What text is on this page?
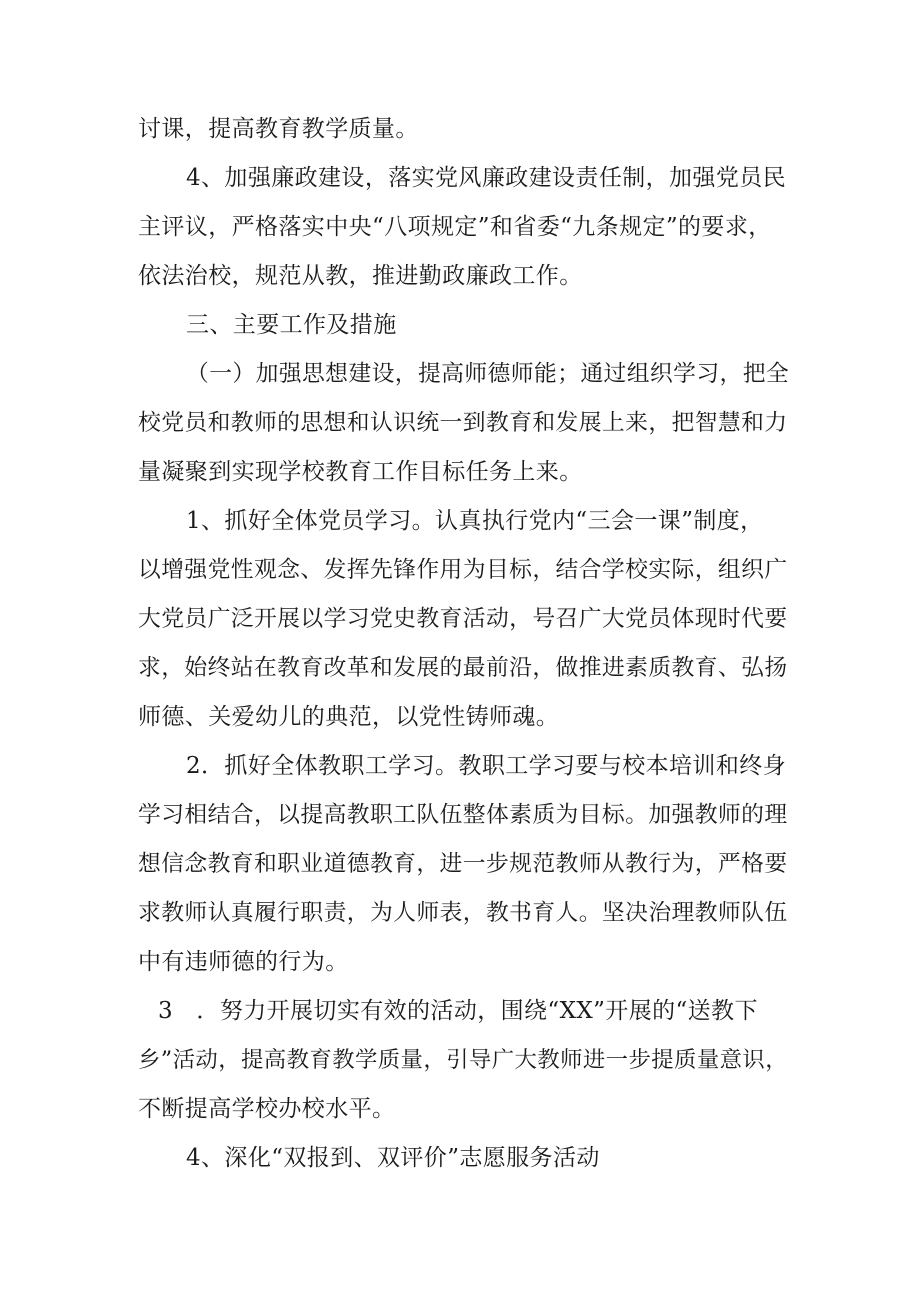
讨课，提高教育教学质量。
4、加强廉政建设，落实党风廉政建设责任制，加强党员民
主评议，严格落实中央“八项规定”和省委“九条规定”的要求，
依法治校，规范从教，推进勤政廉政工作。
三、主要工作及措施
（一）加强思想建设，提高师德师能；通过组织学习，把全
校党员和教师的思想和认识统一到教育和发展上来，把智慧和力
量凝聚到实现学校教育工作目标任务上来。
1、抓好全体党员学习。认真执行党内“三会一课”制度，
以增强党性观念、发挥先锋作用为目标，结合学校实际，组织广
大党员广泛开展以学习党史教育活动，号召广大党员体现时代要
求，始终站在教育改革和发展的最前沿，做推进素质教育、弘扬
师德、关爱幼儿的典范，以党性铸师魂。
2．抓好全体教职工学习。教职工学习要与校本培训和终身
学习相结合，以提高教职工队伍整体素质为目标。加强教师的理
想信念教育和职业道德教育，进一步规范教师从教行为，严格要
求教师认真履行职责，为人师表，教书育人。坚决治理教师队伍
中有违师德的行为。
3　．努力开展切实有效的活动，围绕“XX”开展的“送教下
乡”活动，提高教育教学质量，引导广大教师进一步提质量意识，
不断提高学校办校水平。
4、深化“双报到、双评价”志愿服务活动
